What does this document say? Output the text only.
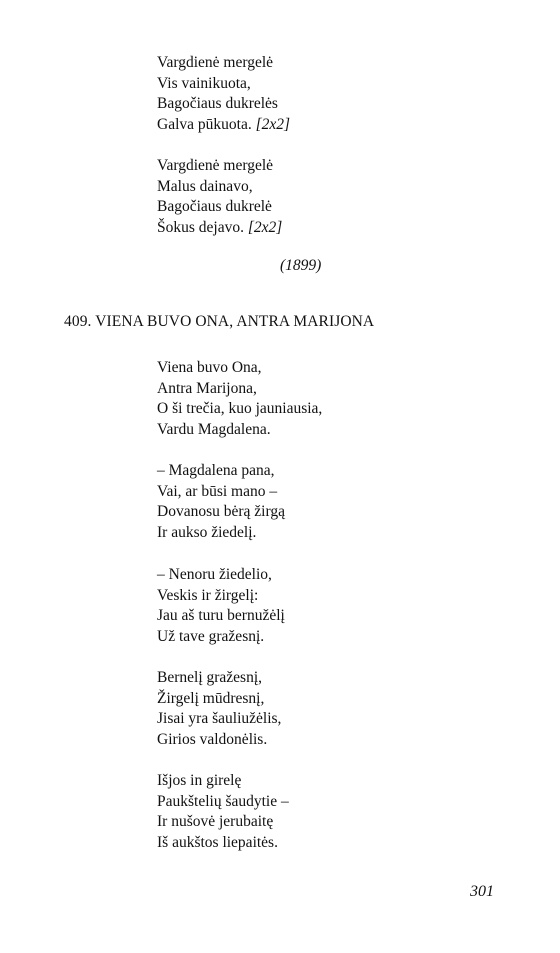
Vargdienė mergelė
Vis vainikuota,
Bagočiaus dukrelės
Galva pūkuota. [2x2]
Vargdienė mergelė
Malus dainavo,
Bagočiaus dukrelė
Šokus dejavo. [2x2]
(1899)
409. VIENA BUVO ONA, ANTRA MARIJONA
Viena buvo Ona,
Antra Marijona,
O ši trečia, kuo jauniausia,
Vardu Magdalena.
– Magdalena pana,
Vai, ar būsi mano –
Dovanosu bėrą žirgą
Ir aukso žiedelį.
– Nenoru žiedelio,
Veskis ir žirgelį:
Jau aš turu bernužėlį
Už tave gražesnį.
Bernelį gražesnį,
Žirgelį mūdresnį,
Jisai yra šauliužėlis,
Girios valdonėlis.
Išjos in girelę
Paukštelių šaudytie –
Ir nušovė jerubaitę
Iš aukštos liepaitės.
301
